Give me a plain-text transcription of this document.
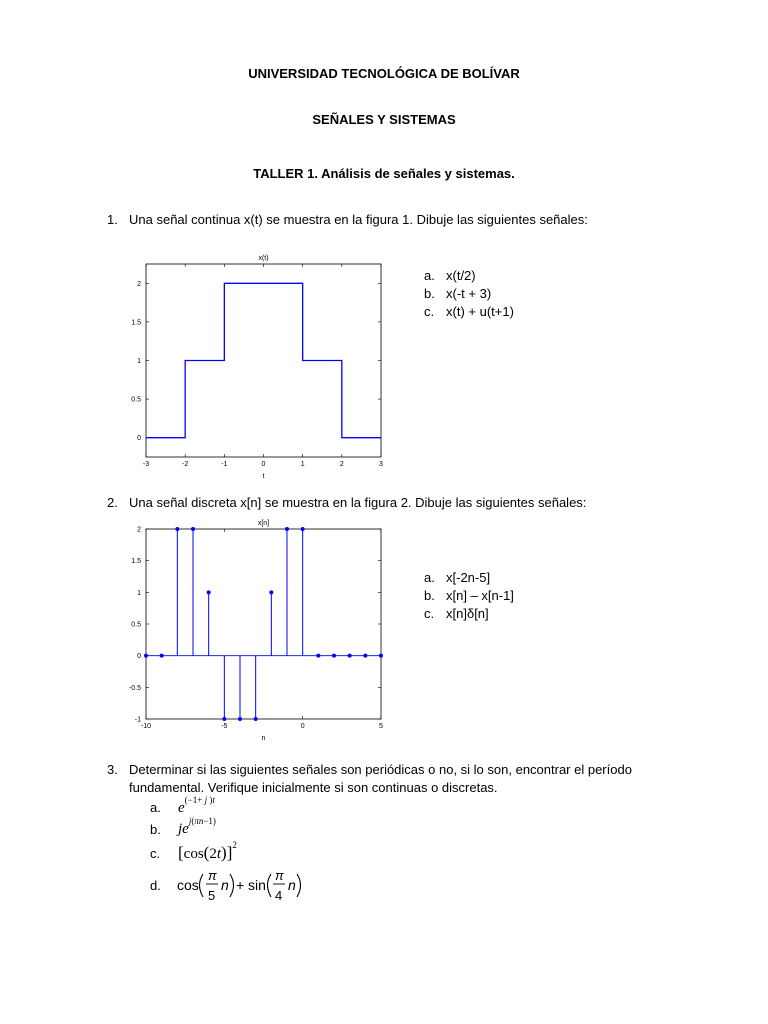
UNIVERSIDAD TECNOLÓGICA DE BOLÍVAR
SEÑALES Y SISTEMAS
TALLER 1. Análisis de señales y sistemas.
1. Una señal continua x(t) se muestra en la figura 1. Dibuje las siguientes señales:
x(t)
t
-3	-2	-1	0	1	2	3
0
0.5
1
1.5
2
a. x(t/2)
b. x(-t + 3)
c. x(t) + u(t+1)
2. Una señal discreta x[n] se muestra en la figura 2. Dibuje las siguientes señales:
x[n]
n
-10	-5	0	5
-1
-0.5
0
0.5
1
1.5
2
a. x[-2n-5]
b. x[n] – x[n-1]
c. x[n]δ[n]
3. Determinar si las siguientes señales son periódicas o no, si lo son, encontrar el período
fundamental. Verifique inicialmente si son continuas o discretas.
a. $e^{(-1+ j )t}$
b. $je^{j(\pi n-1)}$
c. $[\cos(2t)]^2$
d. cos
π
5
n + sin
π
4
n
